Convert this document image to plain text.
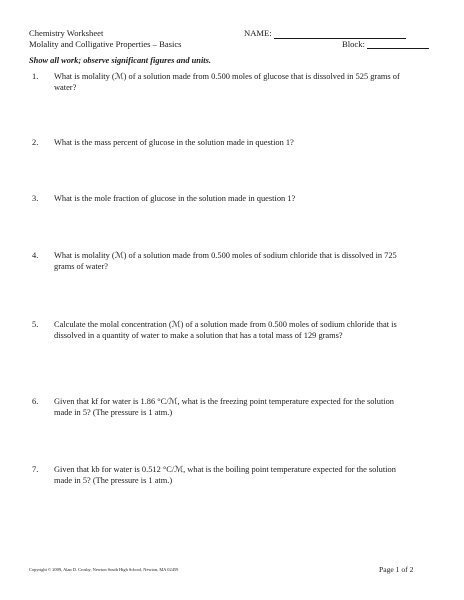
Chemistry Worksheet
Molality and Colligative Properties – Basics
NAME:
Block:
Show all work; observe significant figures and units.
1.	What is molality (ℳ) of a solution made from 0.500 moles of glucose that is dissolved in 525 grams of water?
2.	What is the mass percent of glucose in the solution made in question 1?
3.	What is the mole fraction of glucose in the solution made in question 1?
4.	What is molality (ℳ) of a solution made from 0.500 moles of sodium chloride that is dissolved in 725 grams of water?
5.	Calculate the molal concentration (ℳ) of a solution made from 0.500 moles of sodium chloride that is dissolved in a quantity of water to make a solution that has a total mass of 129 grams?
6.	Given that kf for water is 1.86 °C/ℳ, what is the freezing point temperature expected for the solution made in 5? (The pressure is 1 atm.)
7.	Given that kb for water is 0.512 °C/ℳ, what is the boiling point temperature expected for the solution made in 5? (The pressure is 1 atm.)
Copyright © 2009, Alan D. Crosby, Newton South High School, Newton, MA 02459	Page 1 of 2
